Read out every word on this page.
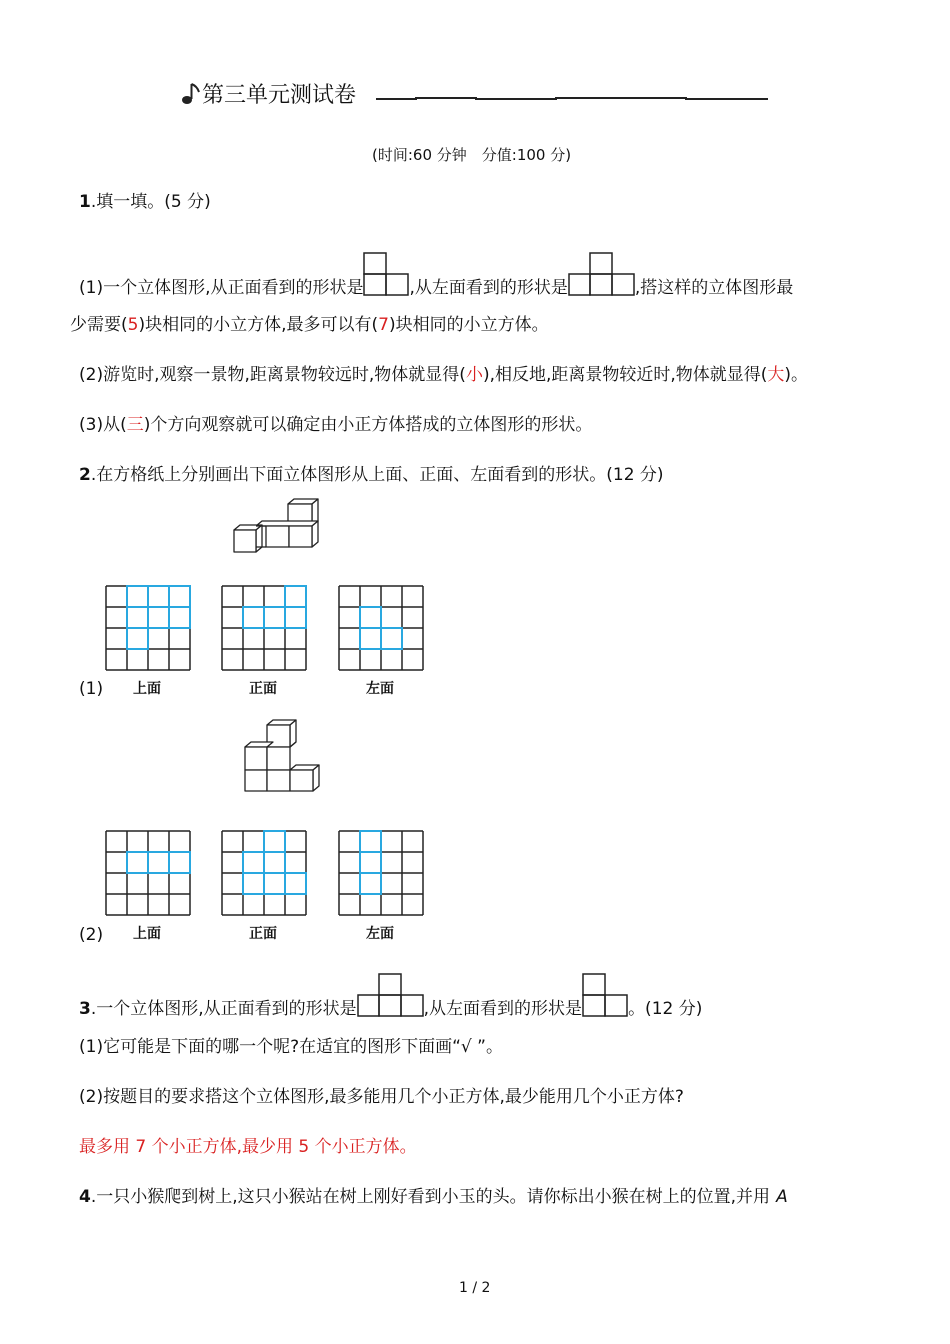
第三单元测试卷
(时间:60 分钟　分值:100 分)
1.填一填。(5 分)
(1)一个立体图形,从正面看到的形状是	,从左面看到的形状是	,搭这样的立体图形最
少需要(5)块相同的小立方体,最多可以有(7)块相同的小立方体。
(2)游览时,观察一景物,距离景物较远时,物体就显得(小),相反地,距离景物较近时,物体就显得(大)。
(3)从(三)个方向观察就可以确定由小正方体搭成的立体图形的形状。
2.在方格纸上分别画出下面立体图形从上面、正面、左面看到的形状。(12 分)
(1) 上面	正面	左面
(2) 上面	正面	左面
3.一个立体图形,从正面看到的形状是	,从左面看到的形状是	。(12 分)
(1)它可能是下面的哪一个呢?在适宜的图形下面画“√ ”。
(2)按题目的要求搭这个立体图形,最多能用几个小正方体,最少能用几个小正方体?
最多用 7 个小正方体,最少用 5 个小正方体。
4.一只小猴爬到树上,这只小猴站在树上刚好看到小玉的头。请你标出小猴在树上的位置,并用 A
1 / 2
